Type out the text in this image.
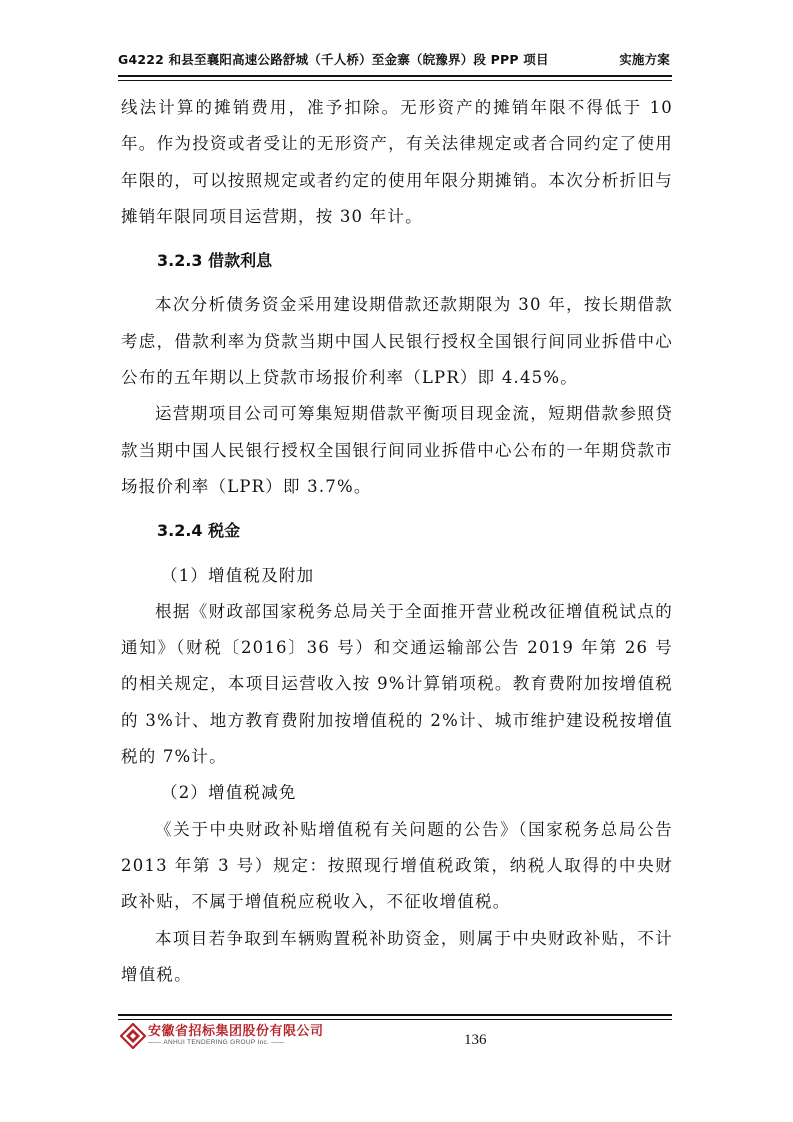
G4222 和县至襄阳高速公路舒城（千人桥）至金寨（皖豫界）段 PPP 项目	实施方案

线法计算的摊销费用，准予扣除。无形资产的摊销年限不得低于 10 年。作为投资或者受让的无形资产，有关法律规定或者合同约定了使用年限的，可以按照规定或者约定的使用年限分期摊销。本次分析折旧与摊销年限同项目运营期，按 30 年计。

3.2.3 借款利息

本次分析债务资金采用建设期借款还款期限为 30 年，按长期借款考虑，借款利率为贷款当期中国人民银行授权全国银行间同业拆借中心公布的五年期以上贷款市场报价利率（LPR）即 4.45%。

运营期项目公司可筹集短期借款平衡项目现金流，短期借款参照贷款当期中国人民银行授权全国银行间同业拆借中心公布的一年期贷款市场报价利率（LPR）即 3.7%。

3.2.4 税金

（1）增值税及附加

根据《财政部国家税务总局关于全面推开营业税改征增值税试点的通知》（财税〔2016〕36 号）和交通运输部公告 2019 年第 26 号的相关规定，本项目运营收入按 9%计算销项税。教育费附加按增值税的 3%计、地方教育费附加按增值税的 2%计、城市维护建设税按增值税的 7%计。

（2）增值税减免

《关于中央财政补贴增值税有关问题的公告》（国家税务总局公告 2013 年第 3 号）规定：按照现行增值税政策，纳税人取得的中央财政补贴，不属于增值税应税收入，不征收增值税。

本项目若争取到车辆购置税补助资金，则属于中央财政补贴，不计增值税。

安徽省招标集团股份有限公司
—— ANHUI TENDERING GROUP Inc. ——	136
